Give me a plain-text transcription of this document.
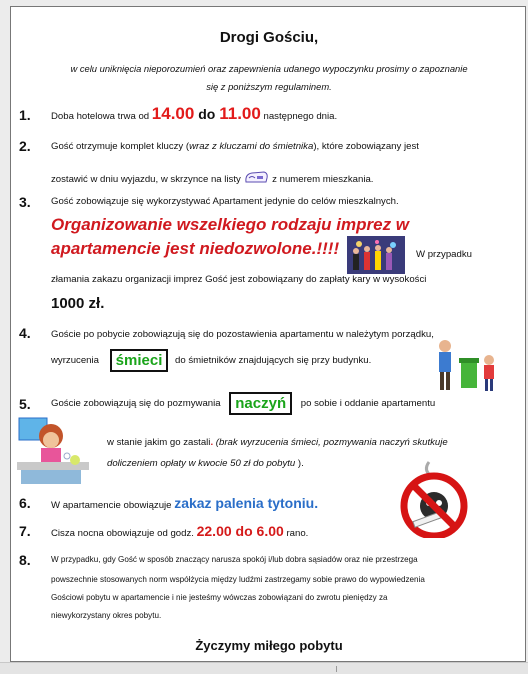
Drogi Gościu,
w celu uniknięcia nieporozumień oraz zapewnienia udanego wypoczynku prosimy o zapoznanie
się z poniższym regulaminem.
1. Doba hotelowa trwa od 14.00 do 11.00 następnego dnia.
2. Gość otrzymuje komplet kluczy (wraz z kluczami do śmietnika), które zobowiązany jest
zostawić w dniu wyjazdu, w skrzynce na listy	z numerem mieszkania.
3. Gość zobowiązuje się wykorzystywać Apartament jedynie do celów mieszkalnych.
Organizowanie wszelkiego rodzaju imprez w
apartamencie jest niedozwolone.!!!!	W przypadku
złamania zakazu organizacji imprez Gość jest zobowiązany do zapłaty kary w wysokości
1000 zł.
4. Goście po pobycie zobowiązują się do pozostawienia apartamentu w należytym porządku,
wyrzucenia śmieci do śmietników znajdujących się przy budynku.
5. Goście zobowiązują się do pozmywania naczyń po sobie i oddanie apartamentu
w stanie jakim go zastali. (brak wyrzucenia śmieci, pozmywania naczyń skutkuje
doliczeniem opłaty w kwocie 50 zł do pobytu ).
6. W apartamencie obowiązuje zakaz palenia tytoniu.
7. Cisza nocna obowiązuje od godz. 22.00 do 6.00 rano.
8.	W przypadku, gdy Gość w sposób znaczący narusza spokój i/lub dobra sąsiadów oraz nie przestrzega
powszechnie stosowanych norm współżycia między ludźmi zastrzegamy sobie prawo do wypowiedzenia
Gościowi pobytu w apartamencie i nie jesteśmy wówczas zobowiązani do zwrotu pieniędzy za
niewykorzystany okres pobytu.
Życzymy miłego pobytu
